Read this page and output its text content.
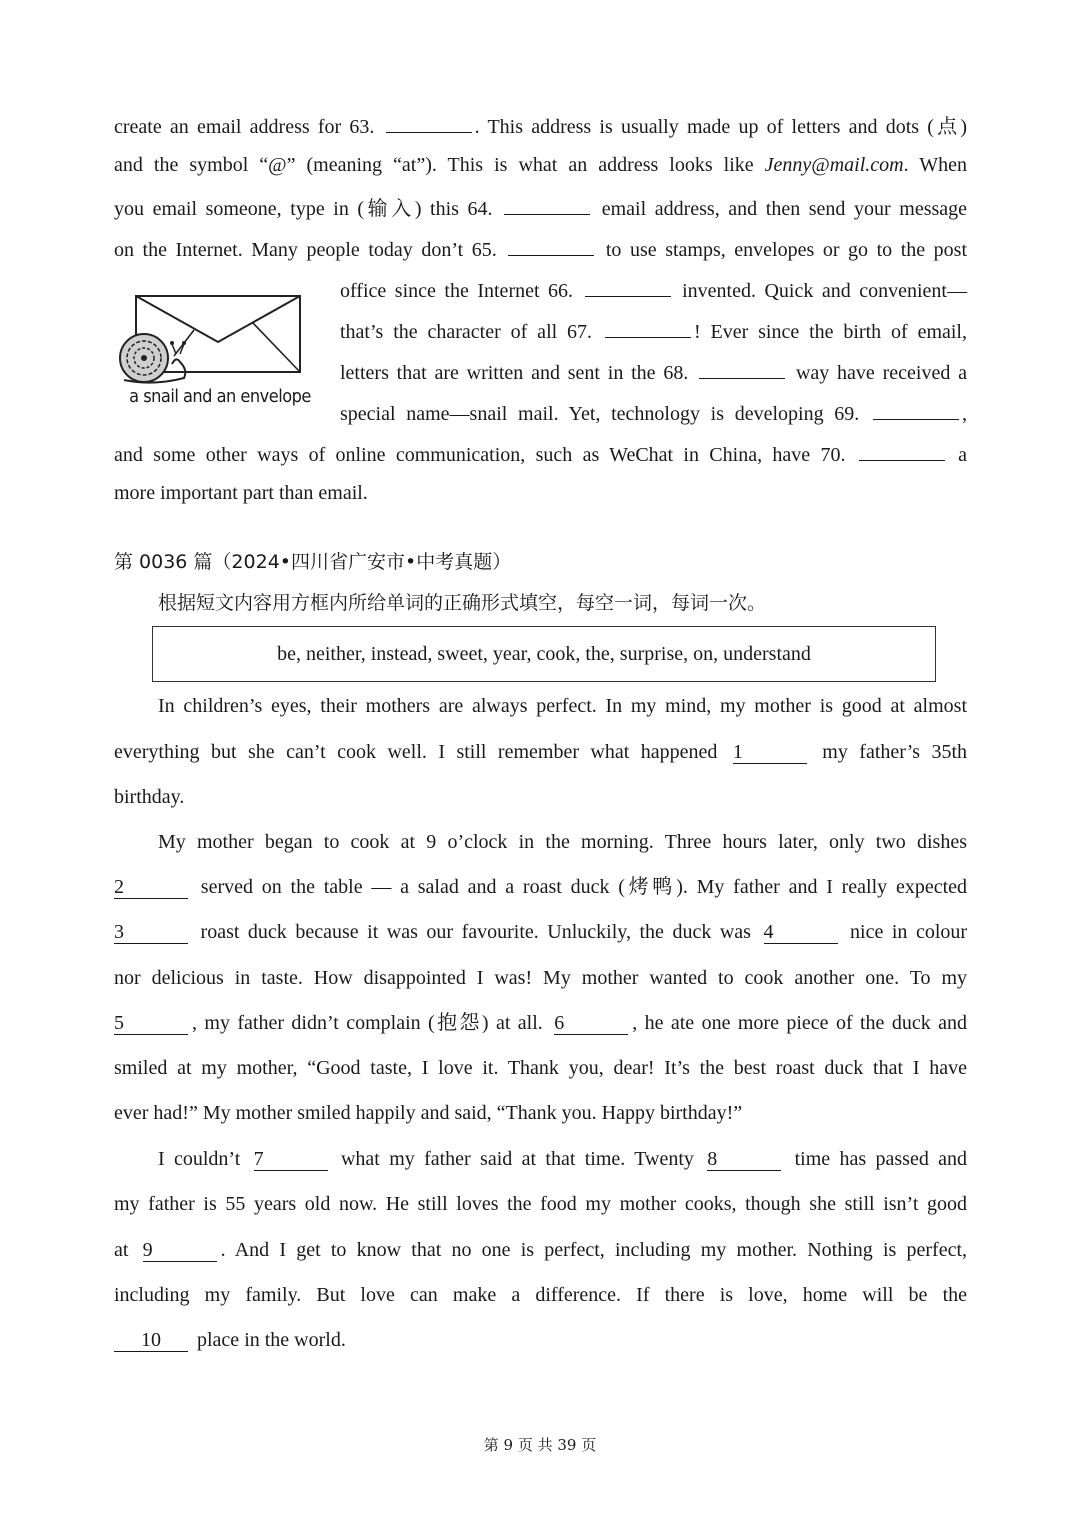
create an email address for 63.	. This address is usually made up of letters and dots (点)
and the symbol “@” (meaning “at”). This is what an address looks like Jenny@mail.com. When
you email someone, type in (输入) this 64.	email address, and then send your message
on the Internet. Many people today don’t 65.	to use stamps, envelopes or go to the post
a snail and an envelope
office since the Internet 66.	invented. Quick and convenient—
that’s the character of all 67.	! Ever since the birth of email,
letters that are written and sent in the 68.	way have received a
special name—snail mail. Yet, technology is developing 69.	,
and some other ways of online communication, such as WeChat in China, have 70.	a
more important part than email.
第 0036 篇（2024•四川省广安市•中考真题）
根据短文内容用方框内所给单词的正确形式填空，每空一词，每词一次。
be, neither, instead, sweet, year, cook, the, surprise, on, understand
In children’s eyes, their mothers are always perfect. In my mind, my mother is good at almost
everything but she can’t cook well. I still remember what happened 1	my father’s 35th
birthday.
My mother began to cook at 9 o’clock in the morning. Three hours later, only two dishes
2	served on the table — a salad and a roast duck (烤鸭). My father and I really expected
3	roast duck because it was our favourite. Unluckily, the duck was 4	nice in colour
nor delicious in taste. How disappointed I was! My mother wanted to cook another one. To my
5	, my father didn’t complain (抱怨) at all. 6	, he ate one more piece of the duck and
smiled at my mother, “Good taste, I love it. Thank you, dear! It’s the best roast duck that I have
ever had!” My mother smiled happily and said, “Thank you. Happy birthday!”
I couldn’t 7	what my father said at that time. Twenty 8	time has passed and
my father is 55 years old now. He still loves the food my mother cooks, though she still isn’t good
at 9	. And I get to know that no one is perfect, including my mother. Nothing is perfect,
including my family. But love can make a difference. If there is love, home will be the
10 place in the world.
第 9 页 共 39 页
